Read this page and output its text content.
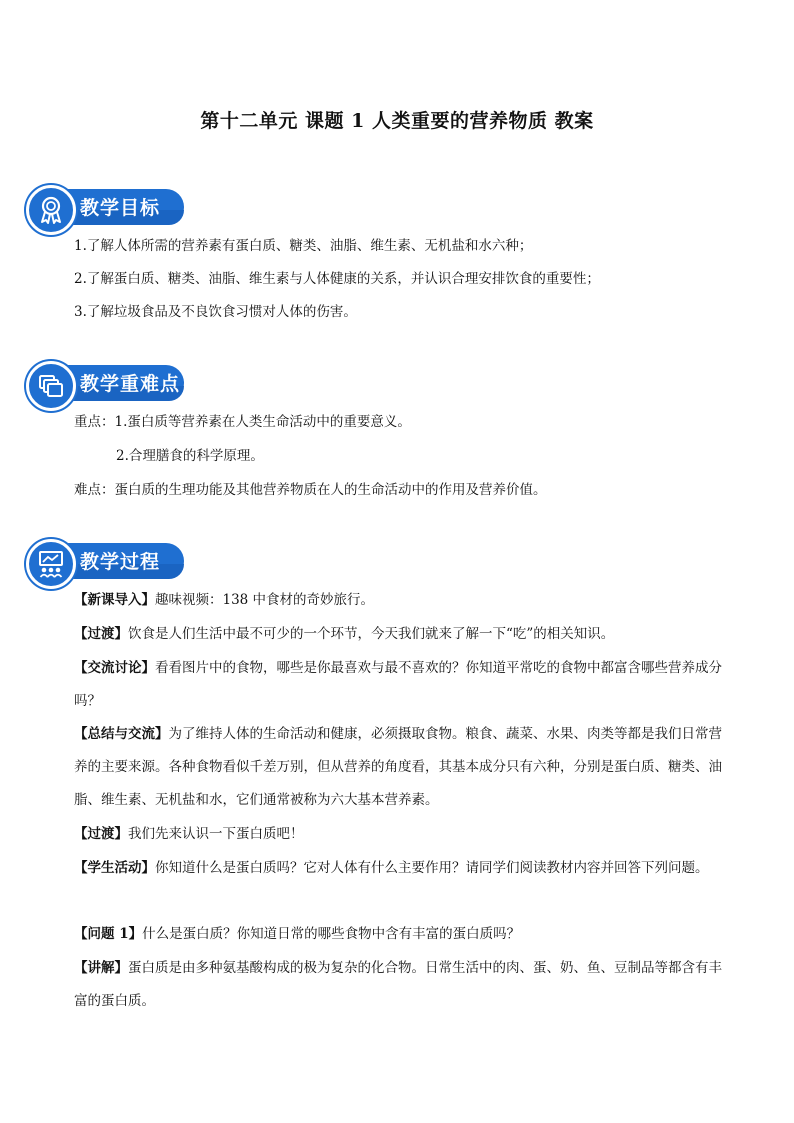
第十二单元 课题 1 人类重要的营养物质 教案
教学目标

1.了解人体所需的营养素有蛋白质、糖类、油脂、维生素、无机盐和水六种；

2.了解蛋白质、糖类、油脂、维生素与人体健康的关系，并认识合理安排饮食的重要性；

3.了解垃圾食品及不良饮食习惯对人体的伤害。

教学重难点

重点：1.蛋白质等营养素在人类生命活动中的重要意义。

2.合理膳食的科学原理。

难点：蛋白质的生理功能及其他营养物质在人的生命活动中的作用及营养价值。

教学过程

【新课导入】趣味视频：138 中食材的奇妙旅行。

【过渡】饮食是人们生活中最不可少的一个环节，今天我们就来了解一下“吃”的相关知识。

【交流讨论】看看图片中的食物，哪些是你最喜欢与最不喜欢的？你知道平常吃的食物中都富含哪些营养成分吗？

【总结与交流】为了维持人体的生命活动和健康，必须摄取食物。粮食、蔬菜、水果、肉类等都是我们日常营养的主要来源。各种食物看似千差万别，但从营养的角度看，其基本成分只有六种，分别是蛋白质、糖类、油脂、维生素、无机盐和水，它们通常被称为六大基本营养素。

【过渡】我们先来认识一下蛋白质吧！

【学生活动】你知道什么是蛋白质吗？它对人体有什么主要作用？请同学们阅读教材内容并回答下列问题。

【问题 1】什么是蛋白质？你知道日常的哪些食物中含有丰富的蛋白质吗？

【讲解】蛋白质是由多种氨基酸构成的极为复杂的化合物。日常生活中的肉、蛋、奶、鱼、豆制品等都含有丰富的蛋白质。
